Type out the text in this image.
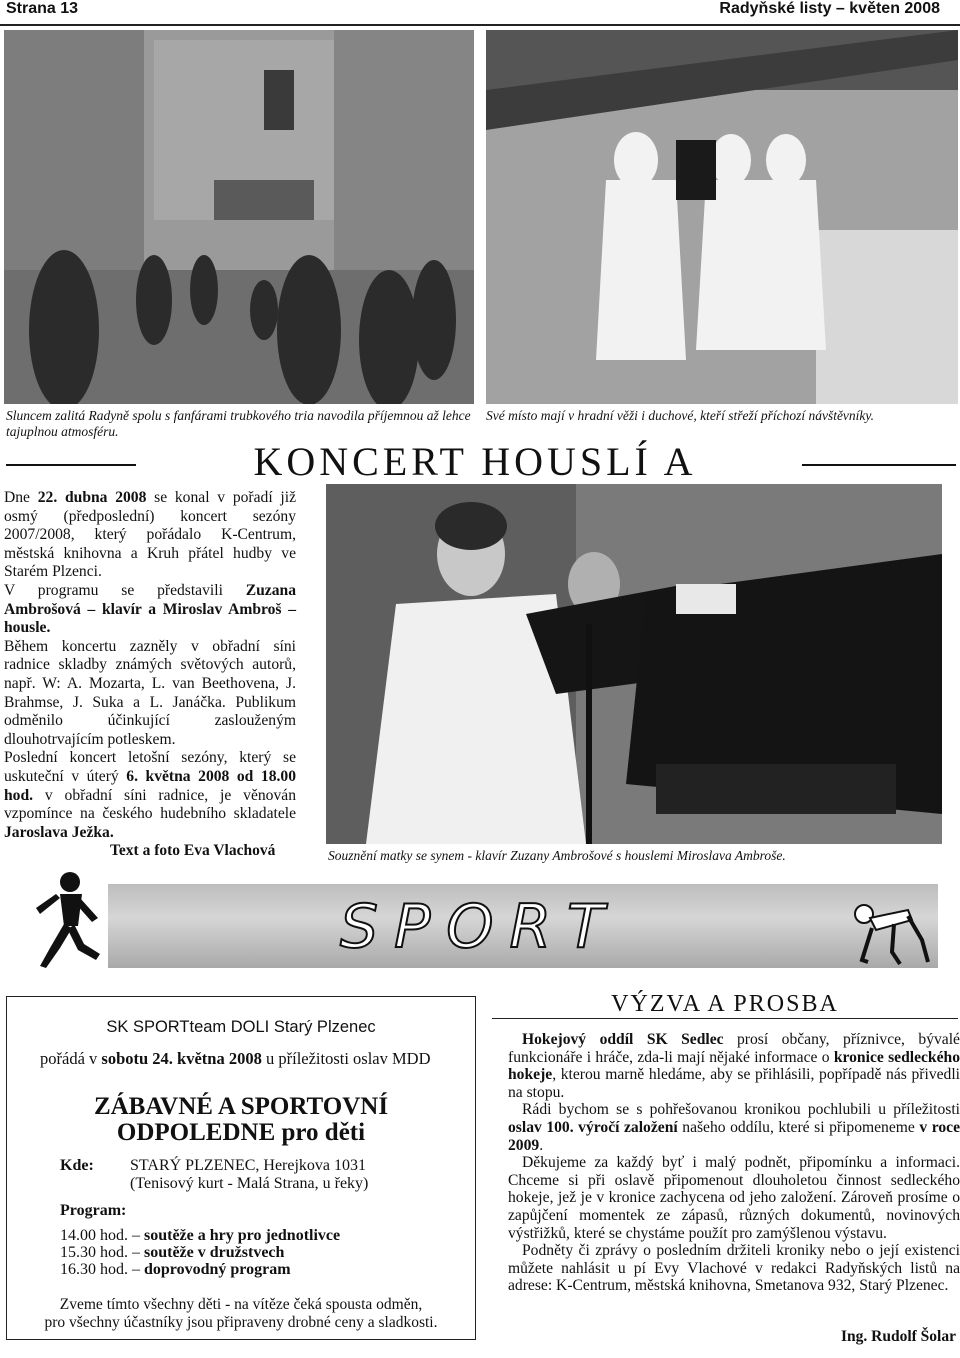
Strana 13	Radyňské listy – květen 2008
Sluncem zalitá Radyně spolu s fanfárami trubkového tria navodila příjemnou až lehce tajuplnou atmosféru.
Své místo mají v hradní věži i duchové, kteří střeží příchozí návštěvníky.
KONCERT HOUSLÍ A

Dne 22. dubna 2008 se konal v pořadí již osmý (předposlední) koncert sezóny 2007/2008, který pořádalo K-Centrum, městská knihovna a Kruh přátel hudby ve Starém Plzenci.

V programu se představili Zuzana Ambrošová – klavír a Miroslav Ambroš – housle.

Během koncertu zazněly v obřadní síni radnice skladby známých světových autorů, např. W: A. Mozarta, L. van Beethovena, J. Brahmse, J. Suka a L. Janáčka. Publikum odměnilo účinkující zaslouženým dlouhotrvajícím potleskem.

Poslední koncert letošní sezóny, který se uskuteční v úterý 6. května 2008 od 18.00 hod. v obřadní síni radnice, je věnován vzpomínce na českého hudebního skladatele Jaroslava Ježka.

Text a foto Eva Vlachová	Souznění matky se synem - klavír Zuzany Ambrošové s houslemi Miroslava Ambroše.
SPORT
SK SPORTteam DOLI Starý Plzenec
pořádá v sobotu 24. května 2008 u příležitosti oslav MDD
ZÁBAVNÉ A SPORTOVNÍ
ODPOLEDNE pro děti
Kde: STARÝ PLZENEC, Herejkova 1031
(Tenisový kurt - Malá Strana, u řeky)
Program:
14.00 hod. – soutěže a hry pro jednotlivce
15.30 hod. – soutěže v družstvech
16.30 hod. – doprovodný program
Zveme tímto všechny děti - na vítěze čeká spousta odměn,
pro všechny účastníky jsou připraveny drobné ceny a sladkosti.
VÝZVA A PROSBA

Hokejový oddíl SK Sedlec prosí občany, příznivce, bývalé funkcionáře i hráče, zda-li mají nějaké informace o kronice sedleckého hokeje, kterou marně hledáme, aby se přihlásili, popřípadě nás přivedli na stopu.

Rádi bychom se s pohřešovanou kronikou pochlubili u příležitosti oslav 100. výročí založení našeho oddílu, které si připomeneme v roce 2009.

Děkujeme za každý byť i malý podnět, připomínku a informaci. Chceme si při oslavě připomenout dlouholetou činnost sedleckého hokeje, jež je v kronice zachycena od jeho založení. Zároveň prosíme o zapůjčení momentek ze zápasů, různých dokumentů, novinových výstřižků, které se chystáme použít pro zamýšlenou výstavu.

Podněty či zprávy o posledním držiteli kroniky nebo o její existenci můžete nahlásit u pí Evy Vlachové v redakci Radyňských listů na adrese: K-Centrum, městská knihovna, Smetanova 932, Starý Plzenec.

Ing. Rudolf Šolar
